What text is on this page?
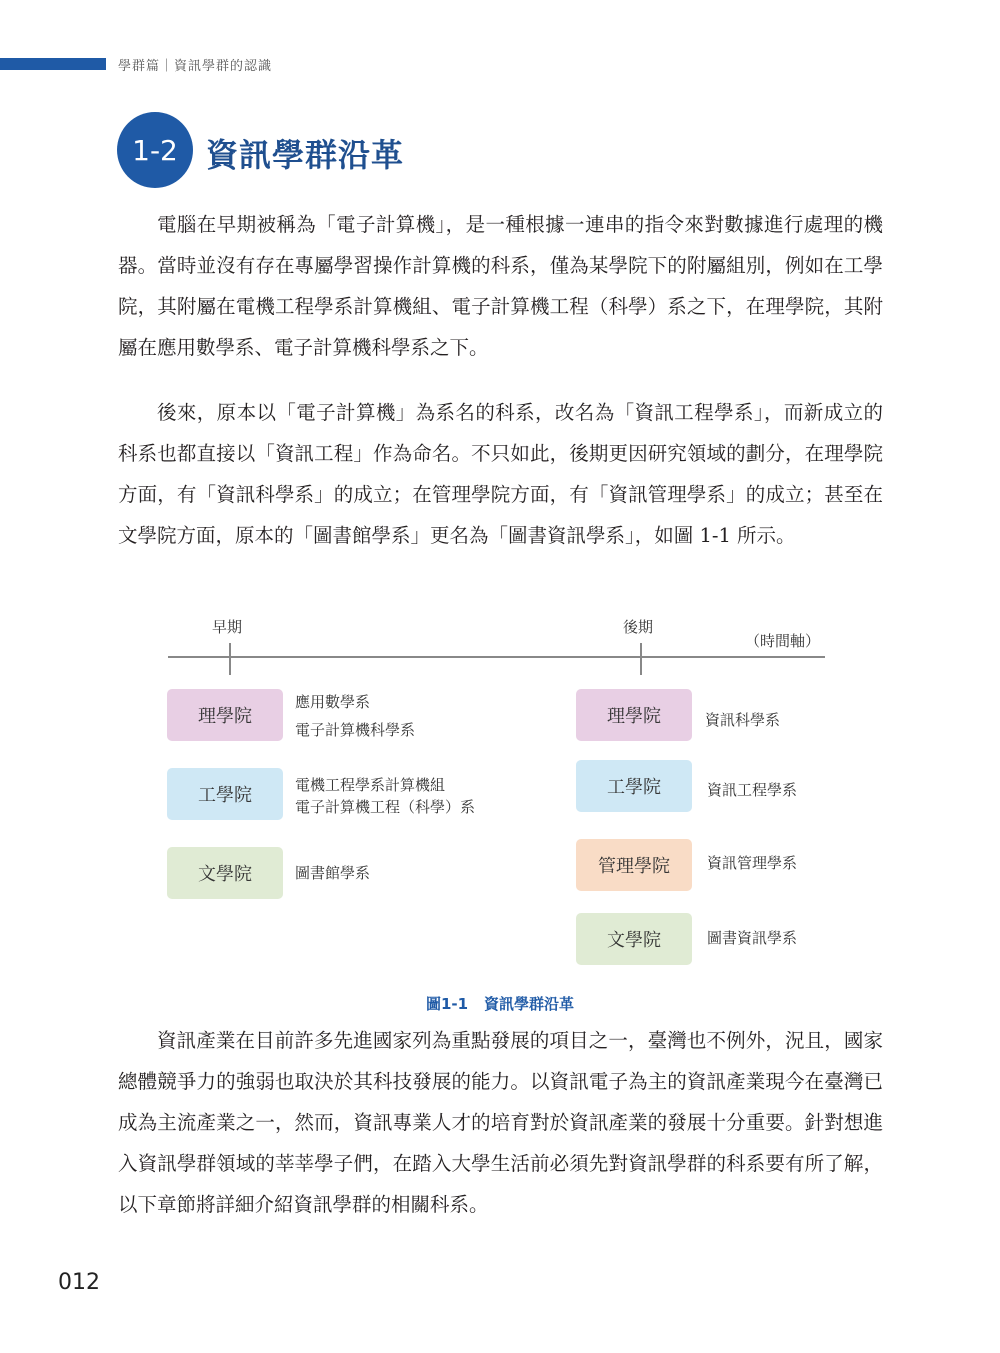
學群篇｜資訊學群的認識
1-2 資訊學群沿革

電腦在早期被稱為「電子計算機」，是一種根據一連串的指令來對數據進行處理的機器。當時並沒有存在專屬學習操作計算機的科系，僅為某學院下的附屬組別，例如在工學院，其附屬在電機工程學系計算機組、電子計算機工程（科學）系之下，在理學院，其附屬在應用數學系、電子計算機科學系之下。

後來，原本以「電子計算機」為系名的科系，改名為「資訊工程學系」，而新成立的科系也都直接以「資訊工程」作為命名。不只如此，後期更因研究領域的劃分，在理學院方面，有「資訊科學系」的成立；在管理學院方面，有「資訊管理學系」的成立；甚至在文學院方面，原本的「圖書館學系」更名為「圖書資訊學系」，如圖 1-1 所示。

早期	後期
（時間軸）
理學院
應用數學系
電子計算機科學系
工學院	電機工程學系計算機組
電子計算機工程（科學）系
文學院	圖書館學系
理學院	資訊科學系
工學院	資訊工程學系
管理學院	資訊管理學系
文學院	圖書資訊學系
圖1-1 資訊學群沿革

資訊產業在目前許多先進國家列為重點發展的項目之一，臺灣也不例外，況且，國家總體競爭力的強弱也取決於其科技發展的能力。以資訊電子為主的資訊產業現今在臺灣已成為主流產業之一，然而，資訊專業人才的培育對於資訊產業的發展十分重要。針對想進入資訊學群領域的莘莘學子們，在踏入大學生活前必須先對資訊學群的科系要有所了解，以下章節將詳細介紹資訊學群的相關科系。

012
